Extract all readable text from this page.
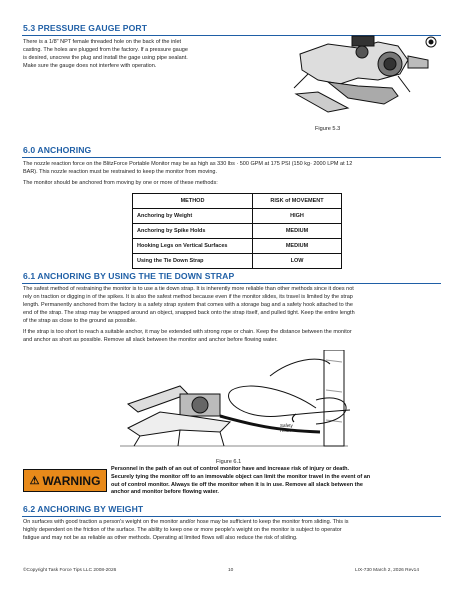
5.3 PRESSURE GAUGE PORT
There is a 1/8" NPT female threaded hole on the back of the inlet
casting. The holes are plugged from the factory. If a pressure gauge
is desired, unscrew the plug and install the gage using pipe sealant.
Make sure the gauge does not interfere with operation.
Figure 5.3
6.0 ANCHORING
The nozzle reaction force on the BlitzForce Portable Monitor may be as high as 330 lbs · 500 GPM at 175 PSI (150 kg· 2000 LPM at 12
BAR). This nozzle reaction must be restrained to keep the monitor from moving.
The monitor should be anchored from moving by one or more of these methods:
METHOD	RISK of MOVEMENT
Anchoring by Weight	HIGH
Anchoring by Spike Holds	MEDIUM
Hooking Legs on Vertical Surfaces	MEDIUM
Using the Tie Down Strap	LOW
6.1 ANCHORING BY USING THE TIE DOWN STRAP
The safest method of restraining the monitor is to use a tie down strap. It is inherently more reliable than other methods since it does not
rely on traction or digging in of the spikes. It is also the safest method because even if the monitor slides, its travel is limited by the strap
length. Permanently anchored from the factory is a safety strap system that comes with a storage bag and a safety hook attached to the
end of the strap. The strap may be wrapped around an object, snapped back onto the strap itself, and pulled tight. Keep the entire length
of the strap as close to the ground as possible.
If the strap is too short to reach a suitable anchor, it may be extended with strong rope or chain. Keep the distance between the monitor
and anchor as short as possible. Remove all slack between the monitor and anchor before flowing water.
Safety Hook
Figure 6.1
⚠ WARNING
Personnel in the path of an out of control monitor have and increase risk of injury or death.
Securely tying the monitor off to an immovable object can limit the monitor travel in the event of an
out of control monitor. Always tie off the monitor when it is in use. Remove all slack between the
anchor and monitor before flowing water.
6.2 ANCHORING BY WEIGHT
On surfaces with good traction a person's weight on the monitor and/or hose may be sufficient to keep the monitor from sliding. This is
highly dependent on the friction of the surface. The ability to keep one or more people's weight on the monitor is subject to operator
fatigue and may not be as reliable as other methods. Operating at limited flows will also reduce the risk of sliding.
©Copyright Task Force Tips LLC 2008-2026	10	LIX-730 March 2, 2026 Rev14
